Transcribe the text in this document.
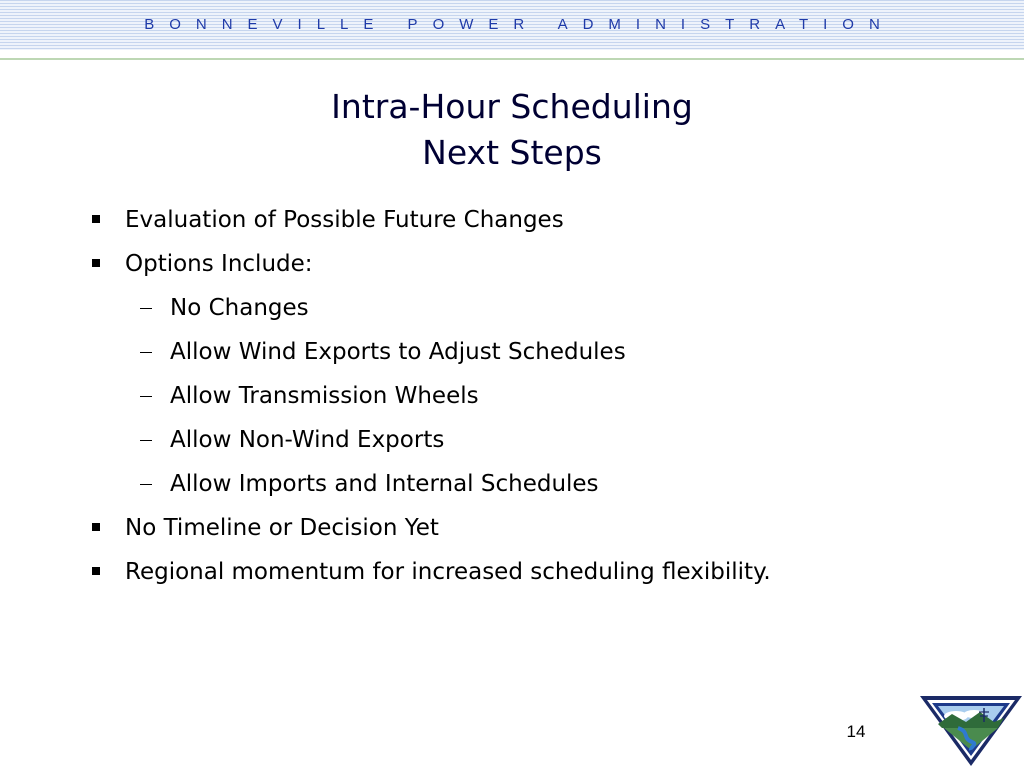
BONNEVILLE POWER ADMINISTRATION
Intra-Hour Scheduling
Next Steps
Evaluation of Possible Future Changes
Options Include:
No Changes
Allow Wind Exports to Adjust Schedules
Allow Transmission Wheels
Allow Non-Wind Exports
Allow Imports and Internal Schedules
No Timeline or Decision Yet
Regional momentum for increased scheduling flexibility.
14
